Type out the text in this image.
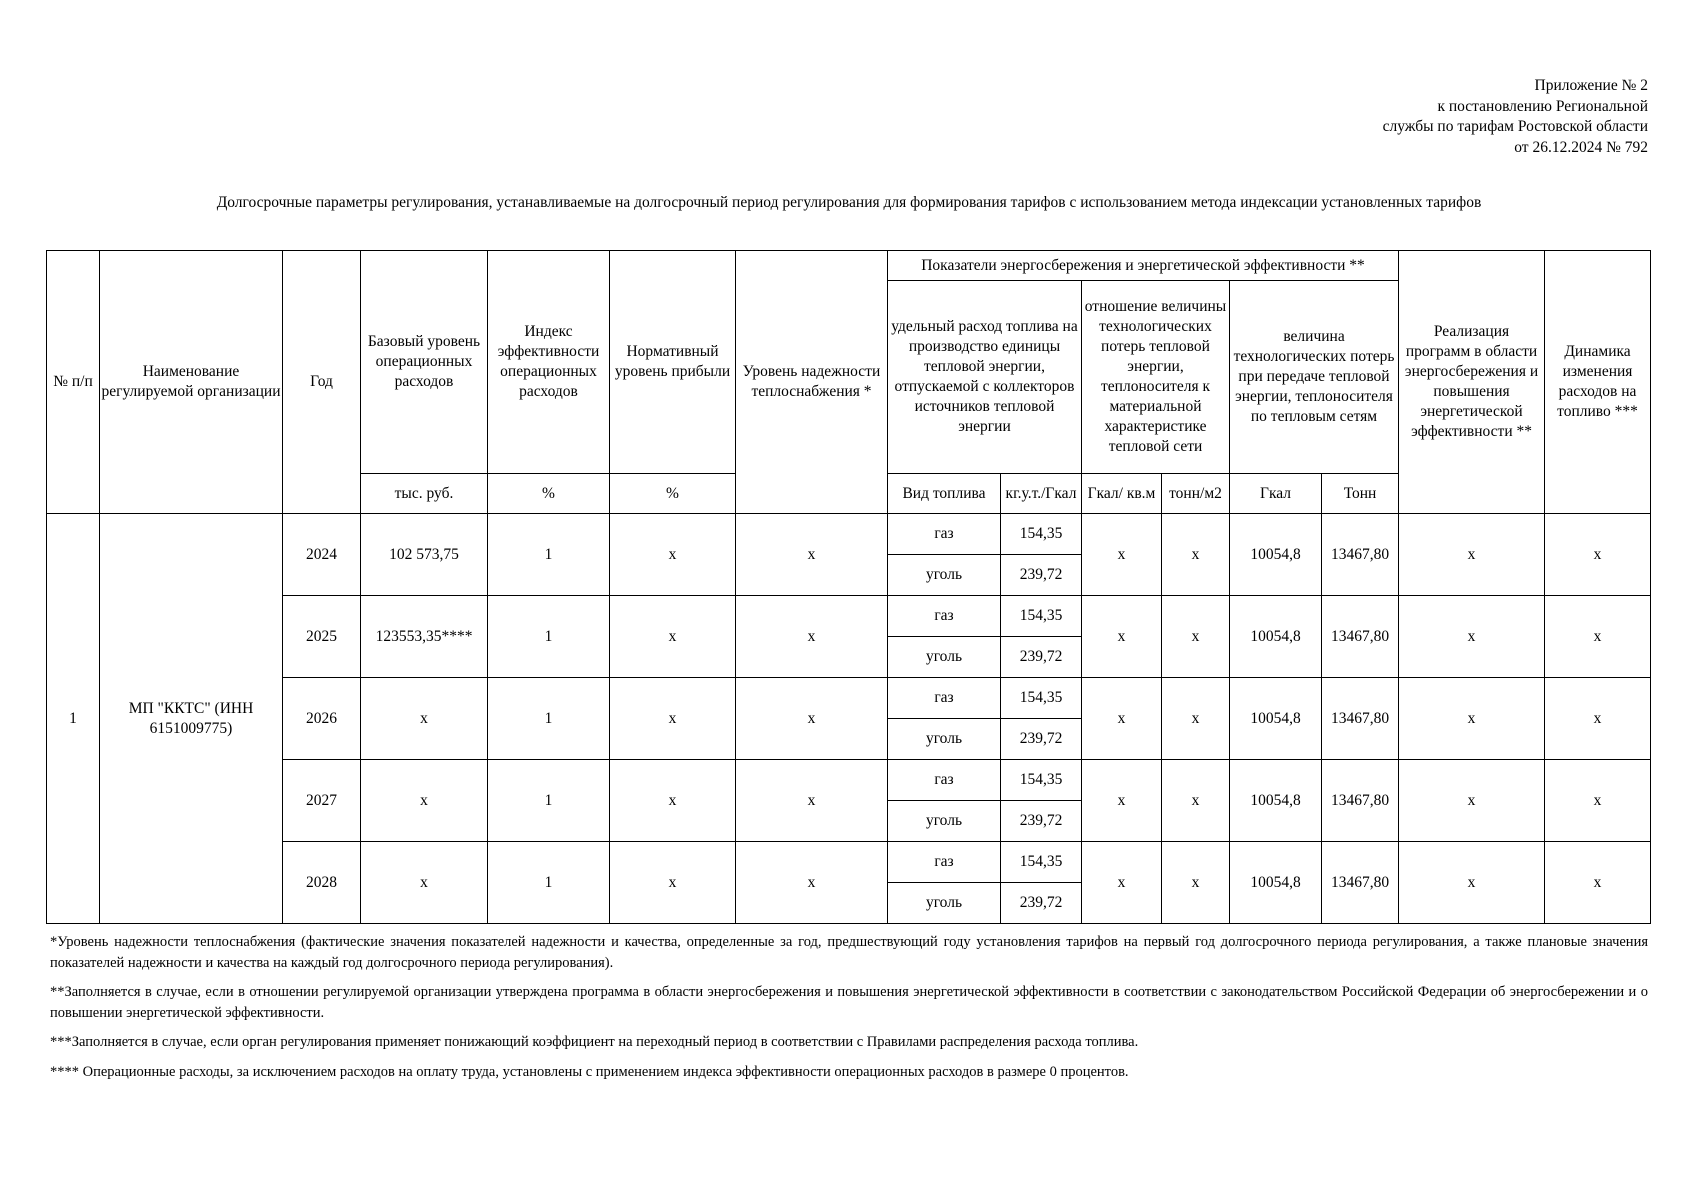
Приложение № 2
к постановлению Региональной
службы по тарифам Ростовской области
от 26.12.2024 № 792
Долгосрочные параметры регулирования, устанавливаемые на долгосрочный период регулирования для формирования тарифов с использованием метода индексации установленных тарифов
№ п/п	Наименование регулируемой организации	Год	Базовый уровень операционных расходов	Индекс эффективности операционных расходов	Нормативный уровень прибыли	Уровень надежности теплоснабжения *	Показатели энергосбережения и энергетической эффективности **						Реализация программ в области энергосбережения и повышения энергетической эффективности **	Динамика изменения расходов на топливо ***
							удельный расход топлива на производство единицы тепловой энергии, отпускаемой с коллекторов источников тепловой энергии		отношение величины технологических потерь тепловой энергии, теплоносителя к материальной характеристике тепловой сети		величина технологических потерь при передаче тепловой энергии, теплоносителя по тепловым сетям			
			тыс. руб.	%	%		Вид топлива	кг.у.т./Гкал	Гкал/ кв.м	тонн/м2	Гкал	Тонн		
1	МП "ККТС" (ИНН 6151009775)	2024	102 573,75	1	x	x	газ	154,35	x	x	10054,8	13467,80	x	x
							уголь	239,72						
		2025	123553,35****	1	x	x	газ	154,35	x	x	10054,8	13467,80	x	x
							уголь	239,72						
		2026	x	1	x	x	газ	154,35	x	x	10054,8	13467,80	x	x
							уголь	239,72						
		2027	x	1	x	x	газ	154,35	x	x	10054,8	13467,80	x	x
							уголь	239,72						
		2028	x	1	x	x	газ	154,35	x	x	10054,8	13467,80	x	x
							уголь	239,72						

*Уровень надежности теплоснабжения (фактические значения показателей надежности и качества, определенные за год, предшествующий году установления тарифов на первый год долгосрочного периода регулирования, а также плановые значения показателей надежности и качества на каждый год долгосрочного периода регулирования).

**Заполняется в случае, если в отношении регулируемой организации утверждена программа в области энергосбережения и повышения энергетической эффективности в соответствии с законодательством Российской Федерации об энергосбережении и о повышении энергетической эффективности.

***Заполняется в случае, если орган регулирования применяет понижающий коэффициент на переходный период в соответствии с Правилами распределения расхода топлива.

**** Операционные расходы, за исключением расходов на оплату труда, установлены с применением индекса эффективности операционных расходов в размере 0 процентов.
